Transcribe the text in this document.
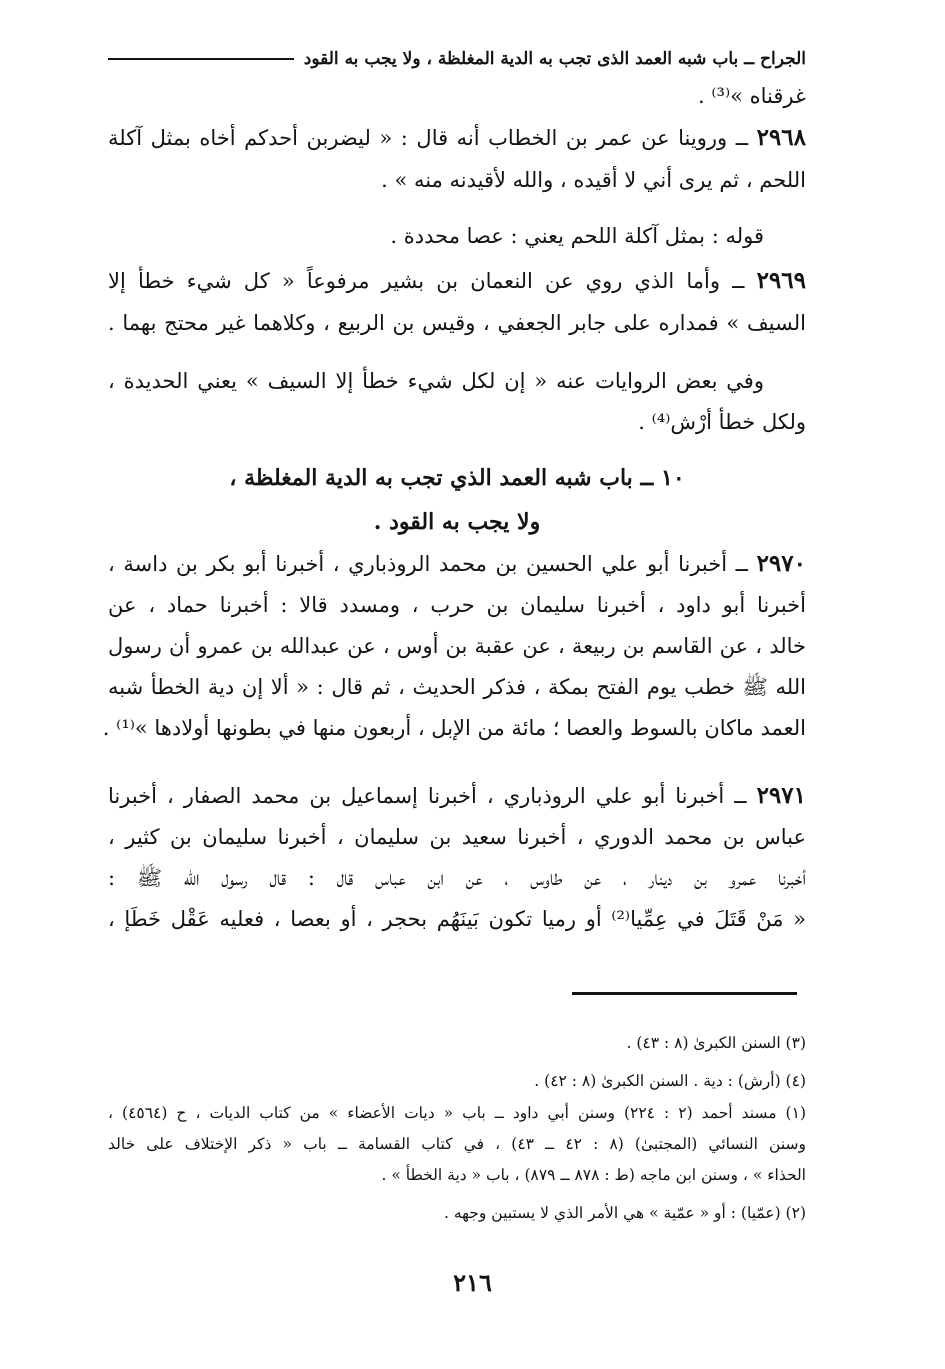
الجراح ــ باب شبه العمد الذى تجب به الدية المغلظة ، ولا يجب به القود
غرقناه »⁽³⁾ .
٢٩٦٨ ــ وروينا عن عمر بن الخطاب أنه قال : « ليضربن أحدكم أخاه بمثل آكلة
اللحم ، ثم يرى أني لا أقيده ، والله لأقيدنه منه » .
قوله : بمثل آكلة اللحم يعني : عصا محددة .
٢٩٦٩ ــ وأما الذي روي عن النعمان بن بشير مرفوعاً « كل شيء خطأ إلا
السيف » فمداره على جابر الجعفي ، وقيس بن الربيع ، وكلاهما غير محتج بهما .
وفي بعض الروايات عنه « إن لكل شيء خطأ إلا السيف » يعني الحديدة ،
ولكل خطأ أرْش⁽⁴⁾ .
١٠ ــ باب شبه العمد الذي تجب به الدية المغلظة ،
ولا يجب به القود .
٢٩٧٠ ــ أخبرنا أبو علي الحسين بن محمد الروذباري ، أخبرنا أبو بكر بن داسة ،
أخبرنا أبو داود ، أخبرنا سليمان بن حرب ، ومسدد قالا : أخبرنا حماد ، عن
خالد ، عن القاسم بن ربيعة ، عن عقبة بن أوس ، عن عبدالله بن عمرو أن رسول
الله ﷺ خطب يوم الفتح بمكة ، فذكر الحديث ، ثم قال : « ألا إن دية الخطأ شبه
العمد ماكان بالسوط والعصا ؛ مائة من الإبل ، أربعون منها في بطونها أولادها »⁽¹⁾ .
٢٩٧١ ــ أخبرنا أبو علي الروذباري ، أخبرنا إسماعيل بن محمد الصفار ، أخبرنا
عباس بن محمد الدوري ، أخبرنا سعيد بن سليمان ، أخبرنا سليمان بن كثير ،
أخبرنا عمرو بن دينار ، عن طاوس ، عن ابن عباس قال : قال رسول الله ﷺ :
« مَنْ قَتَلَ في عِمِّيا⁽²⁾ أو رميا تكون بَينَهُم بحجر ، أو بعصا ، فعليه عَقْل خَطَإ ،
(٣) السنن الكبرىٰ (٨ : ٤٣) .
(٤) (أرش) : دية . السنن الكبرىٰ (٨ : ٤٢) .
(١) مسند أحمد (٢ : ٢٢٤) وسنن أبي داود ــ باب « ديات الأعضاء » من كتاب الديات ، ح (٤٥٦٤) ،
وسنن النسائي (المجتبىٰ) (٨ : ٤٢ ــ ٤٣) ، في كتاب القسامة ــ باب « ذكر الإختلاف على خالد
الحذاء » ، وسنن ابن ماجه (ط : ٨٧٨ ــ ٨٧٩) ، باب « دية الخطأ » .
(٢) (عمّيا) : أو « عمّية » هي الأمر الذي لا يستبين وجهه .
٢١٦
